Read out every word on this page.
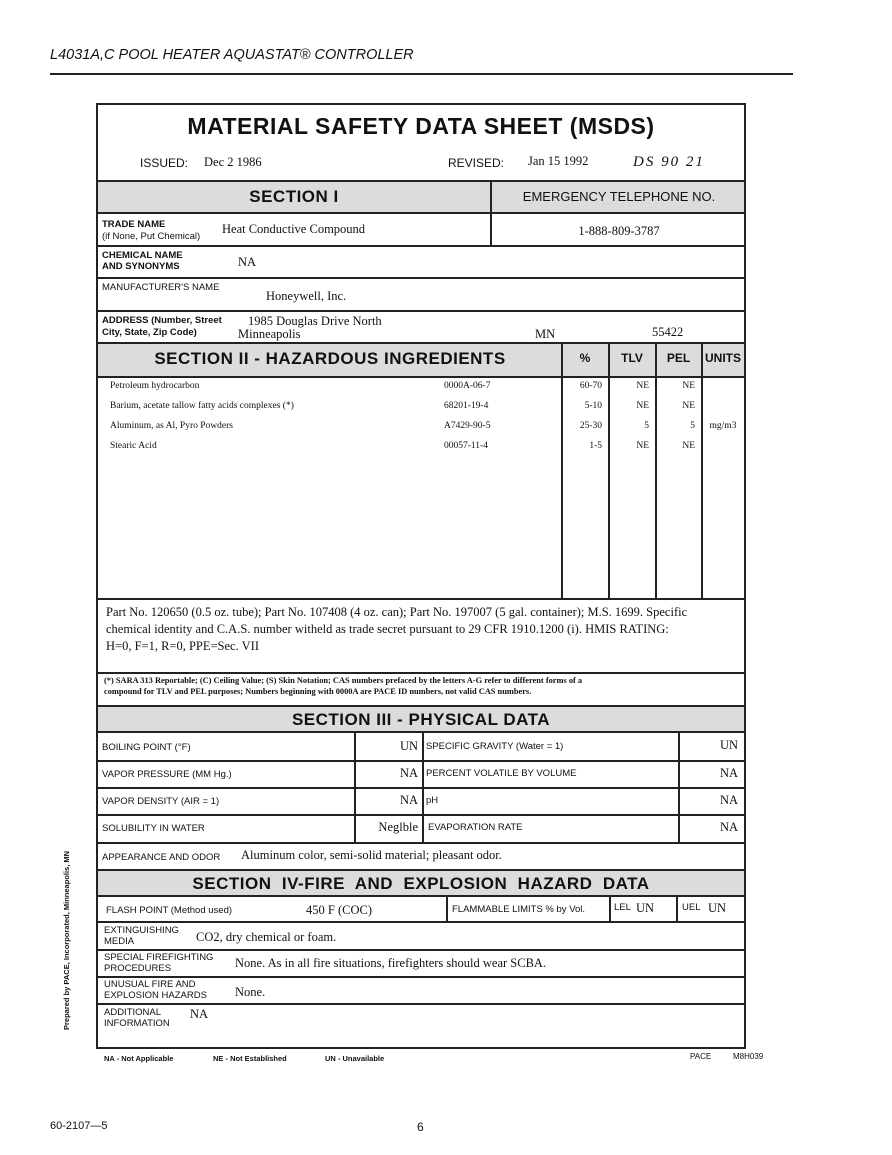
L4031A,C POOL HEATER AQUASTAT® CONTROLLER
Prepared by PACE, Incorporated, Minneapolis, MN
MATERIAL SAFETY DATA SHEET (MSDS)
ISSUED: Dec 2 1986	REVISED: Jan 15 1992	DS 90 21
SECTION I	EMERGENCY TELEPHONE NO.
TRADE NAME
(if None, Put Chemical)
Heat Conductive Compound	1-888-809-3787
CHEMICAL NAME
AND SYNONYMS	NA
MANUFACTURER'S NAME
Honeywell, Inc.
ADDRESS (Number, Street
City, State, Zip Code)
1985 Douglas Drive North
Minneapolis	MN	55422
SECTION II - HAZARDOUS INGREDIENTS	%	TLV	PEL	UNITS
Petroleum hydrocarbon	0000A-06-7	60-70	NE	NE
Barium, acetate tallow fatty acids complexes (*)	68201-19-4	5-10	NE	NE
Aluminum, as Al, Pyro Powders	A7429-90-5	25-30	5	5	mg/m3
Stearic Acid	00057-11-4	1-5	NE	NE
Part No. 120650 (0.5 oz. tube); Part No. 107408 (4 oz. can); Part No. 197007 (5 gal. container); M.S. 1699. Specific
chemical identity and C.A.S. number witheld as trade secret pursuant to 29 CFR 1910.1200 (i). HMIS RATING:
H=0, F=1, R=0, PPE=Sec. VII
(*) SARA 313 Reportable; (C) Ceiling Value; (S) Skin Notation; CAS numbers prefaced by the letters A-G refer to different forms of a
compound for TLV and PEL purposes; Numbers beginning with 0000A are PACE ID numbers, not valid CAS numbers.
SECTION III - PHYSICAL DATA
BOILING POINT (°F)	UN SPECIFIC GRAVITY (Water = 1)	UN
VAPOR PRESSURE (MM Hg.)	NA PERCENT VOLATILE BY VOLUME	NA
VAPOR DENSITY (AIR = 1)	NA pH	NA
SOLUBILITY IN WATER	Neglble EVAPORATION RATE	NA
APPEARANCE AND ODOR Aluminum color, semi-solid material; pleasant odor.
SECTION  IV-FIRE  AND  EXPLOSION  HAZARD  DATA
FLASH POINT (Method used)	450 F (COC)	FLAMMABLE LIMITS % by Vol.	LEL UN	UEL UN
EXTINGUISHING
MEDIA	CO2, dry chemical or foam.
SPECIAL FIREFIGHTING
PROCEDURES	None. As in all fire situations, firefighters should wear SCBA.
UNUSUAL FIRE AND
EXPLOSION HAZARDS None.
ADDITIONAL
INFORMATION
NA
NA - Not Applicable	NE - Not Established	UN - Unavailable	PACE	M8H039
60-2107—5	6
